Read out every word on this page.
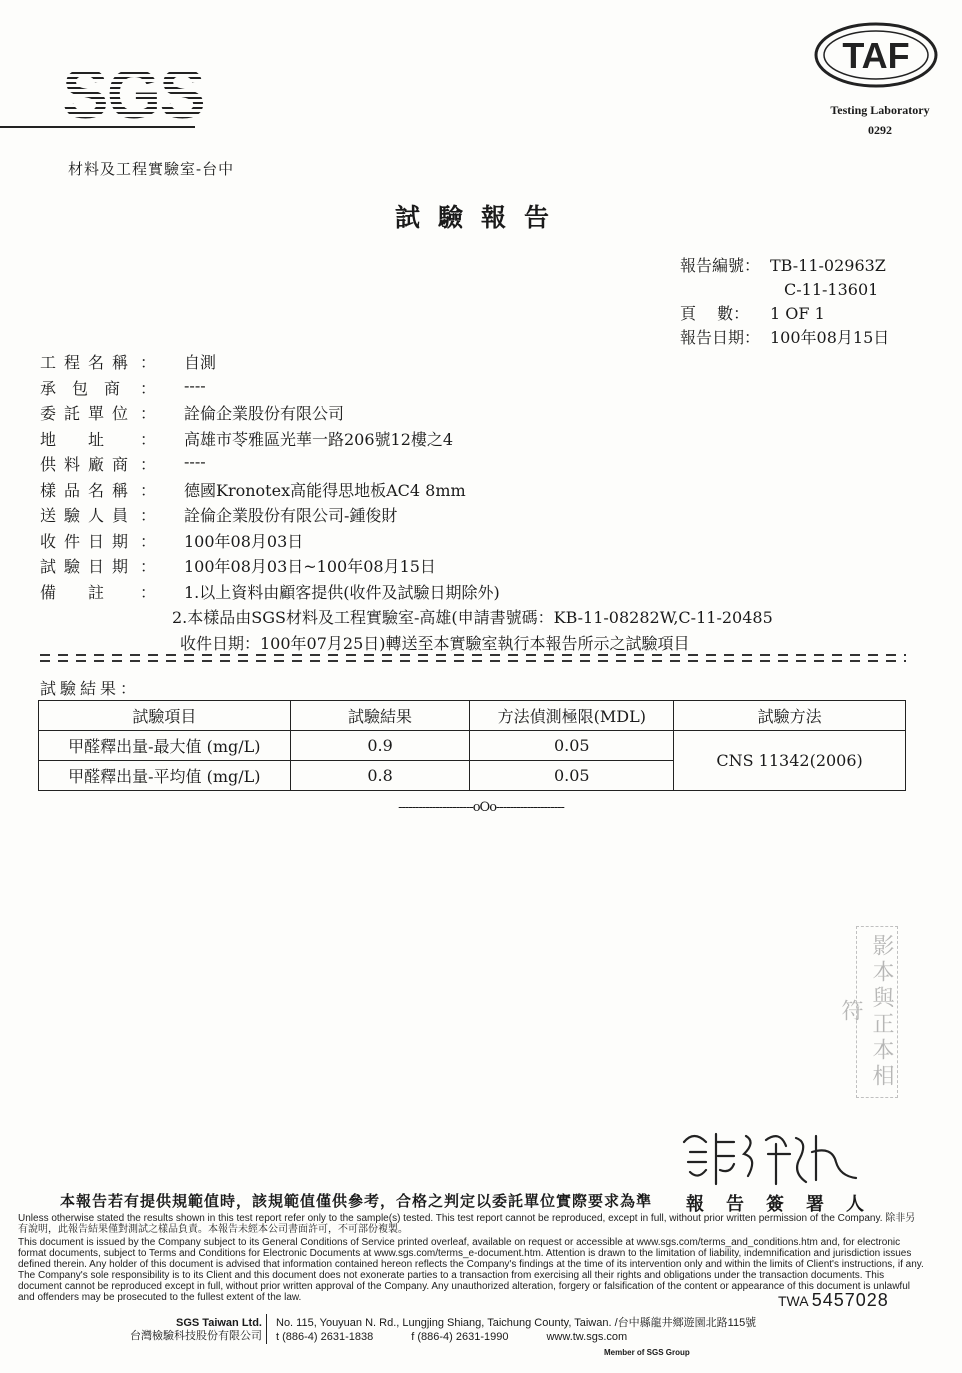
SGS
材料及工程實驗室-台中
TAF
Testing Laboratory
0292
試驗報告
報告編號： TB-11-02963Z
C-11-13601
頁　 數：	1 OF 1
報告日期： 100年08月15日
工 程 名 稱 ： 自測
承 包 商 ： ----
委 託 單 位 ： 詮倫企業股份有限公司
地 址 ： 高雄市苓雅區光華一路206號12樓之4
供 料 廠 商 ： ----
樣 品 名 稱 ： 德國Kronotex高能得思地板AC4 8mm
送 驗 人 員 ： 詮倫企業股份有限公司-鍾俊財
收 件 日 期 ： 100年08月03日
試 驗 日 期 ： 100年08月03日~100年08月15日
備 註 ： 1.以上資料由顧客提供(收件及試驗日期除外)
2.本樣品由SGS材料及工程實驗室-高雄(申請書號碼：KB-11-08282W,C-11-20485
收件日期：100年07月25日)轉送至本實驗室執行本報告所示之試驗項目
試驗結果：
試驗項目	試驗結果	方法偵測極限(MDL)	試驗方法
甲醛釋出量-最大值 (mg/L)	0.9	0.05	CNS 11342(2006)
甲醛釋出量-平均值 (mg/L)	0.8	0.05	
----------------------oOo--------------------
影本與正本相符
本報告若有提供規範值時，該規範值僅供參考，合格之判定以委託單位實際要求為準 報告簽署人

Unless otherwise stated the results shown in this test report refer only to the sample(s) tested. This test report cannot be reproduced, except in full, without prior written permission of the Company. 除非另有說明，此報告結果僅對測試之樣品負責。本報告未經本公司書面許可，不可部份複製。

This document is issued by the Company subject to its General Conditions of Service printed overleaf, available on request or accessible at www.sgs.com/terms_and_conditions.htm and, for electronic format documents, subject to Terms and Conditions for Electronic Documents at www.sgs.com/terms_e-document.htm. Attention is drawn to the limitation of liability, indemnification and jurisdiction issues defined therein. Any holder of this document is advised that information contained hereon reflects the Company's findings at the time of its intervention only and within the limits of Client's instructions, if any. The Company's sole responsibility is to its Client and this document does not exonerate parties to a transaction from exercising all their rights and obligations under the transaction documents. This document cannot be reproduced except in full, without prior written approval of the Company. Any unauthorized alteration, forgery or falsification of the content or appearance of this document is unlawful and offenders may be prosecuted to the fullest extent of the law.	TWA 5457028
SGS Taiwan Ltd.
台灣檢驗科技股份有限公司
No. 115, Youyuan N. Rd., Lungjing Shiang, Taichung County, Taiwan. /台中縣龍井鄉遊園北路115號
t (886-4) 2631-1838	f (886-4) 2631-1990	www.tw.sgs.com
Member of SGS Group
